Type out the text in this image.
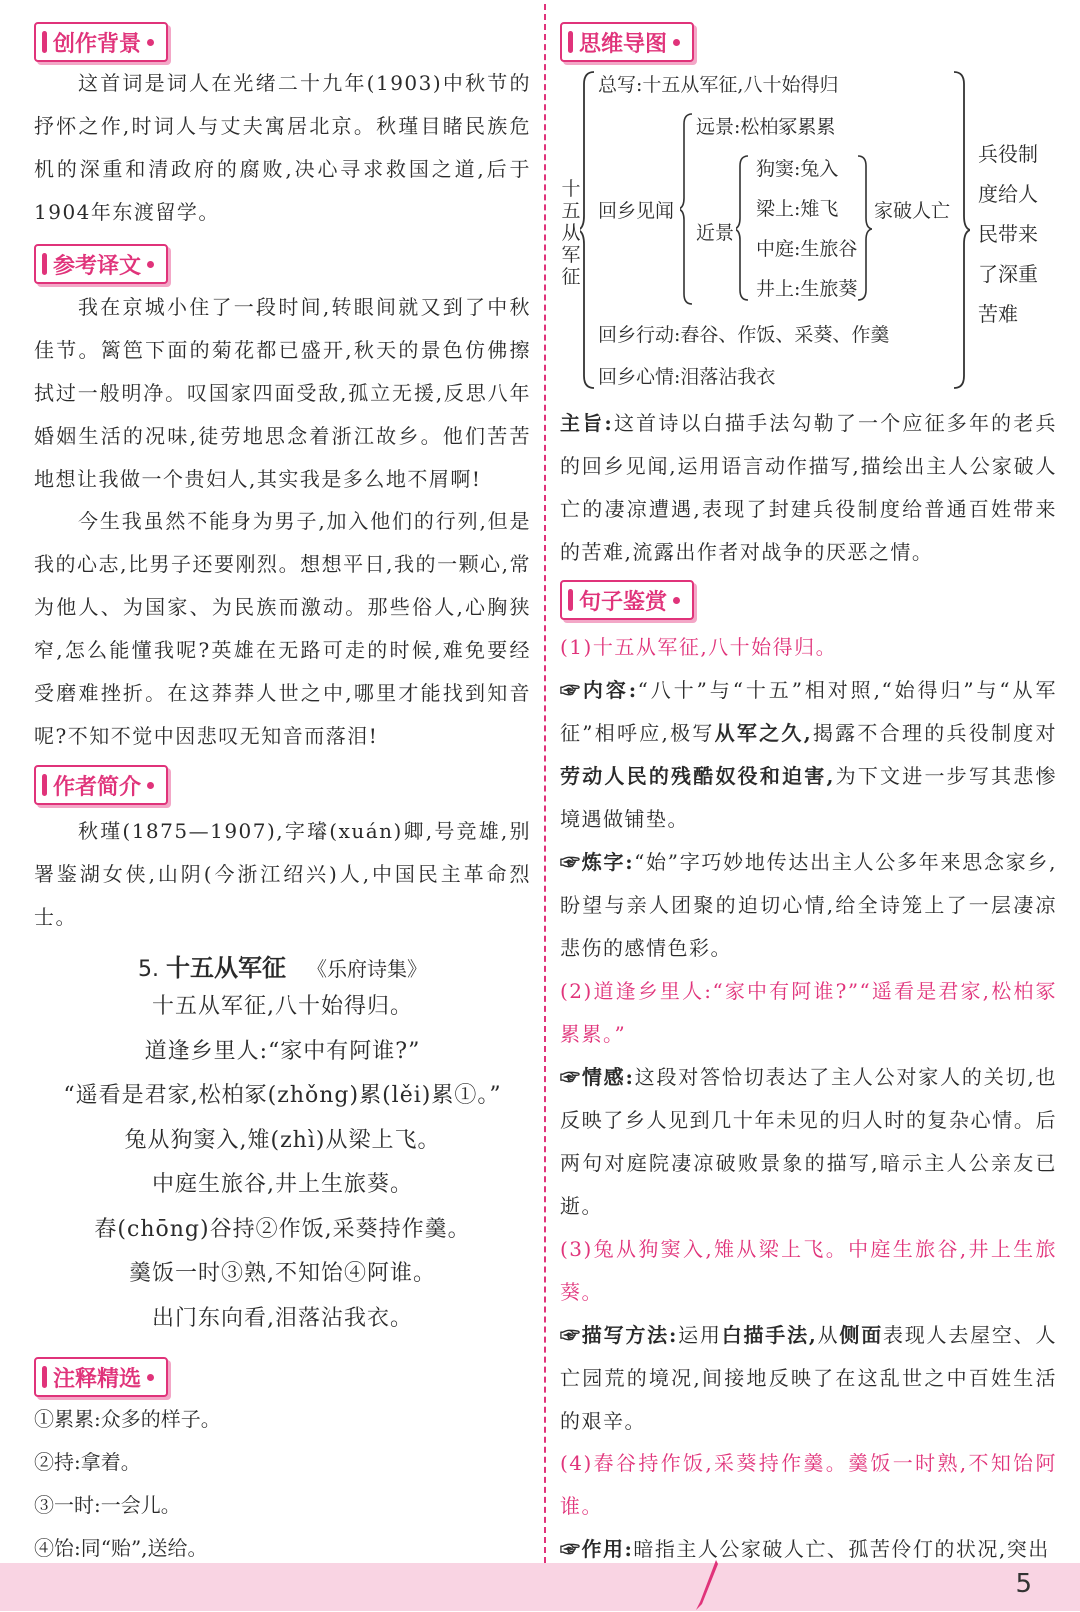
创作背景

这首词是词人在光绪二十九年(1903)中秋节的抒怀之作,时词人与丈夫寓居北京。秋瑾目睹民族危机的深重和清政府的腐败,决心寻求救国之道,后于1904年东渡留学。

参考译文

我在京城小住了一段时间,转眼间就又到了中秋佳节。篱笆下面的菊花都已盛开,秋天的景色仿佛擦拭过一般明净。叹国家四面受敌,孤立无援,反思八年婚姻生活的况味,徒劳地思念着浙江故乡。他们苦苦地想让我做一个贵妇人,其实我是多么地不屑啊!

今生我虽然不能身为男子,加入他们的行列,但是我的心志,比男子还要刚烈。想想平日,我的一颗心,常为他人、为国家、为民族而激动。那些俗人,心胸狭窄,怎么能懂我呢?英雄在无路可走的时候,难免要经受磨难挫折。在这莽莽人世之中,哪里才能找到知音呢?不知不觉中因悲叹无知音而落泪!

作者简介

秋瑾(1875—1907),字璿(xuán)卿,号竞雄,别署鉴湖女侠,山阴(今浙江绍兴)人,中国民主革命烈士。

5. 十五从军征 《乐府诗集》
十五从军征,八十始得归。
道逢乡里人:“家中有阿谁?”
“遥看是君家,松柏冢(zhǒng)累(lěi)累①。”
兔从狗窦入,雉(zhì)从梁上飞。
中庭生旅谷,井上生旅葵。
舂(chōng)谷持②作饭,采葵持作羹。
羹饭一时③熟,不知饴④阿谁。
出门东向看,泪落沾我衣。
注释精选
①累累:众多的样子。
②持:拿着。
③一时:一会儿。
④饴:同“贻”,送给。
思维导图
十五从军征
总写:十五从军征,八十始得归
回乡见闻
远景:松柏冢累累
近景
狗窦:兔入
梁上:雉飞
中庭:生旅谷
井上:生旅葵
家破人亡
回乡行动:舂谷、作饭、采葵、作羹
回乡心情:泪落沾我衣
兵役制
度给人
民带来
了深重
苦难

主旨:这首诗以白描手法勾勒了一个应征多年的老兵的回乡见闻,运用语言动作描写,描绘出主人公家破人亡的凄凉遭遇,表现了封建兵役制度给普通百姓带来的苦难,流露出作者对战争的厌恶之情。

句子鉴赏

(1)十五从军征,八十始得归。

☞内容:“八十”与“十五”相对照,“始得归”与“从军征”相呼应,极写从军之久,揭露不合理的兵役制度对劳动人民的残酷奴役和迫害,为下文进一步写其悲惨境遇做铺垫。

☞炼字:“始”字巧妙地传达出主人公多年来思念家乡,盼望与亲人团聚的迫切心情,给全诗笼上了一层凄凉悲伤的感情色彩。

(2)道逢乡里人:“家中有阿谁?”“遥看是君家,松柏冢累累。”

☞情感:这段对答恰切表达了主人公对家人的关切,也反映了乡人见到几十年未见的归人时的复杂心情。后两句对庭院凄凉破败景象的描写,暗示主人公亲友已逝。

(3)兔从狗窦入,雉从梁上飞。中庭生旅谷,井上生旅葵。

☞描写方法:运用白描手法,从侧面表现人去屋空、人亡园荒的境况,间接地反映了在这乱世之中百姓生活的艰辛。

(4)舂谷持作饭,采葵持作羹。羹饭一时熟,不知饴阿谁。

☞作用:暗指主人公家破人亡、孤苦伶仃的状况,突出

5
